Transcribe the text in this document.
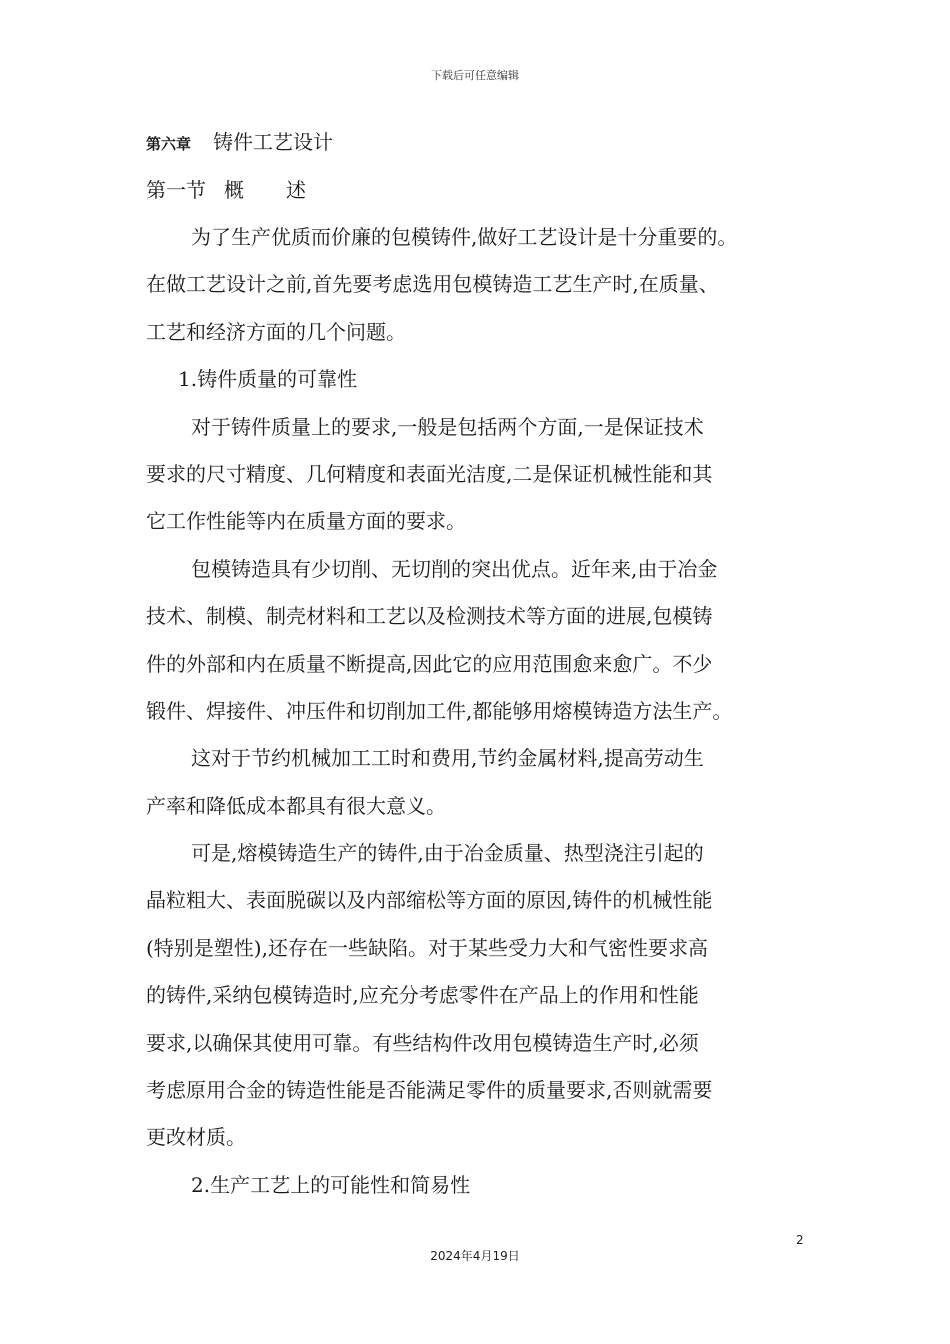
下载后可任意编辑
第六章 铸件工艺设计
第一节 概 述
为了生产优质而价廉的包模铸件,做好工艺设计是十分重要的。
在做工艺设计之前,首先要考虑选用包模铸造工艺生产时,在质量、
工艺和经济方面的几个问题。
1.铸件质量的可靠性
对于铸件质量上的要求,一般是包括两个方面,一是保证技术
要求的尺寸精度、几何精度和表面光洁度,二是保证机械性能和其
它工作性能等内在质量方面的要求。
包模铸造具有少切削、无切削的突出优点。近年来,由于冶金
技术、制模、制壳材料和工艺以及检测技术等方面的进展,包模铸
件的外部和内在质量不断提高,因此它的应用范围愈来愈广。不少
锻件、焊接件、冲压件和切削加工件,都能够用熔模铸造方法生产。
这对于节约机械加工工时和费用,节约金属材料,提高劳动生
产率和降低成本都具有很大意义。
可是,熔模铸造生产的铸件,由于冶金质量、热型浇注引起的
晶粒粗大、表面脱碳以及内部缩松等方面的原因,铸件的机械性能
(特别是塑性),还存在一些缺陷。对于某些受力大和气密性要求高
的铸件,采纳包模铸造时,应充分考虑零件在产品上的作用和性能
要求,以确保其使用可靠。有些结构件改用包模铸造生产时,必须
考虑原用合金的铸造性能是否能满足零件的质量要求,否则就需要
更改材质。
2.生产工艺上的可能性和简易性
2
2024年4月19日
